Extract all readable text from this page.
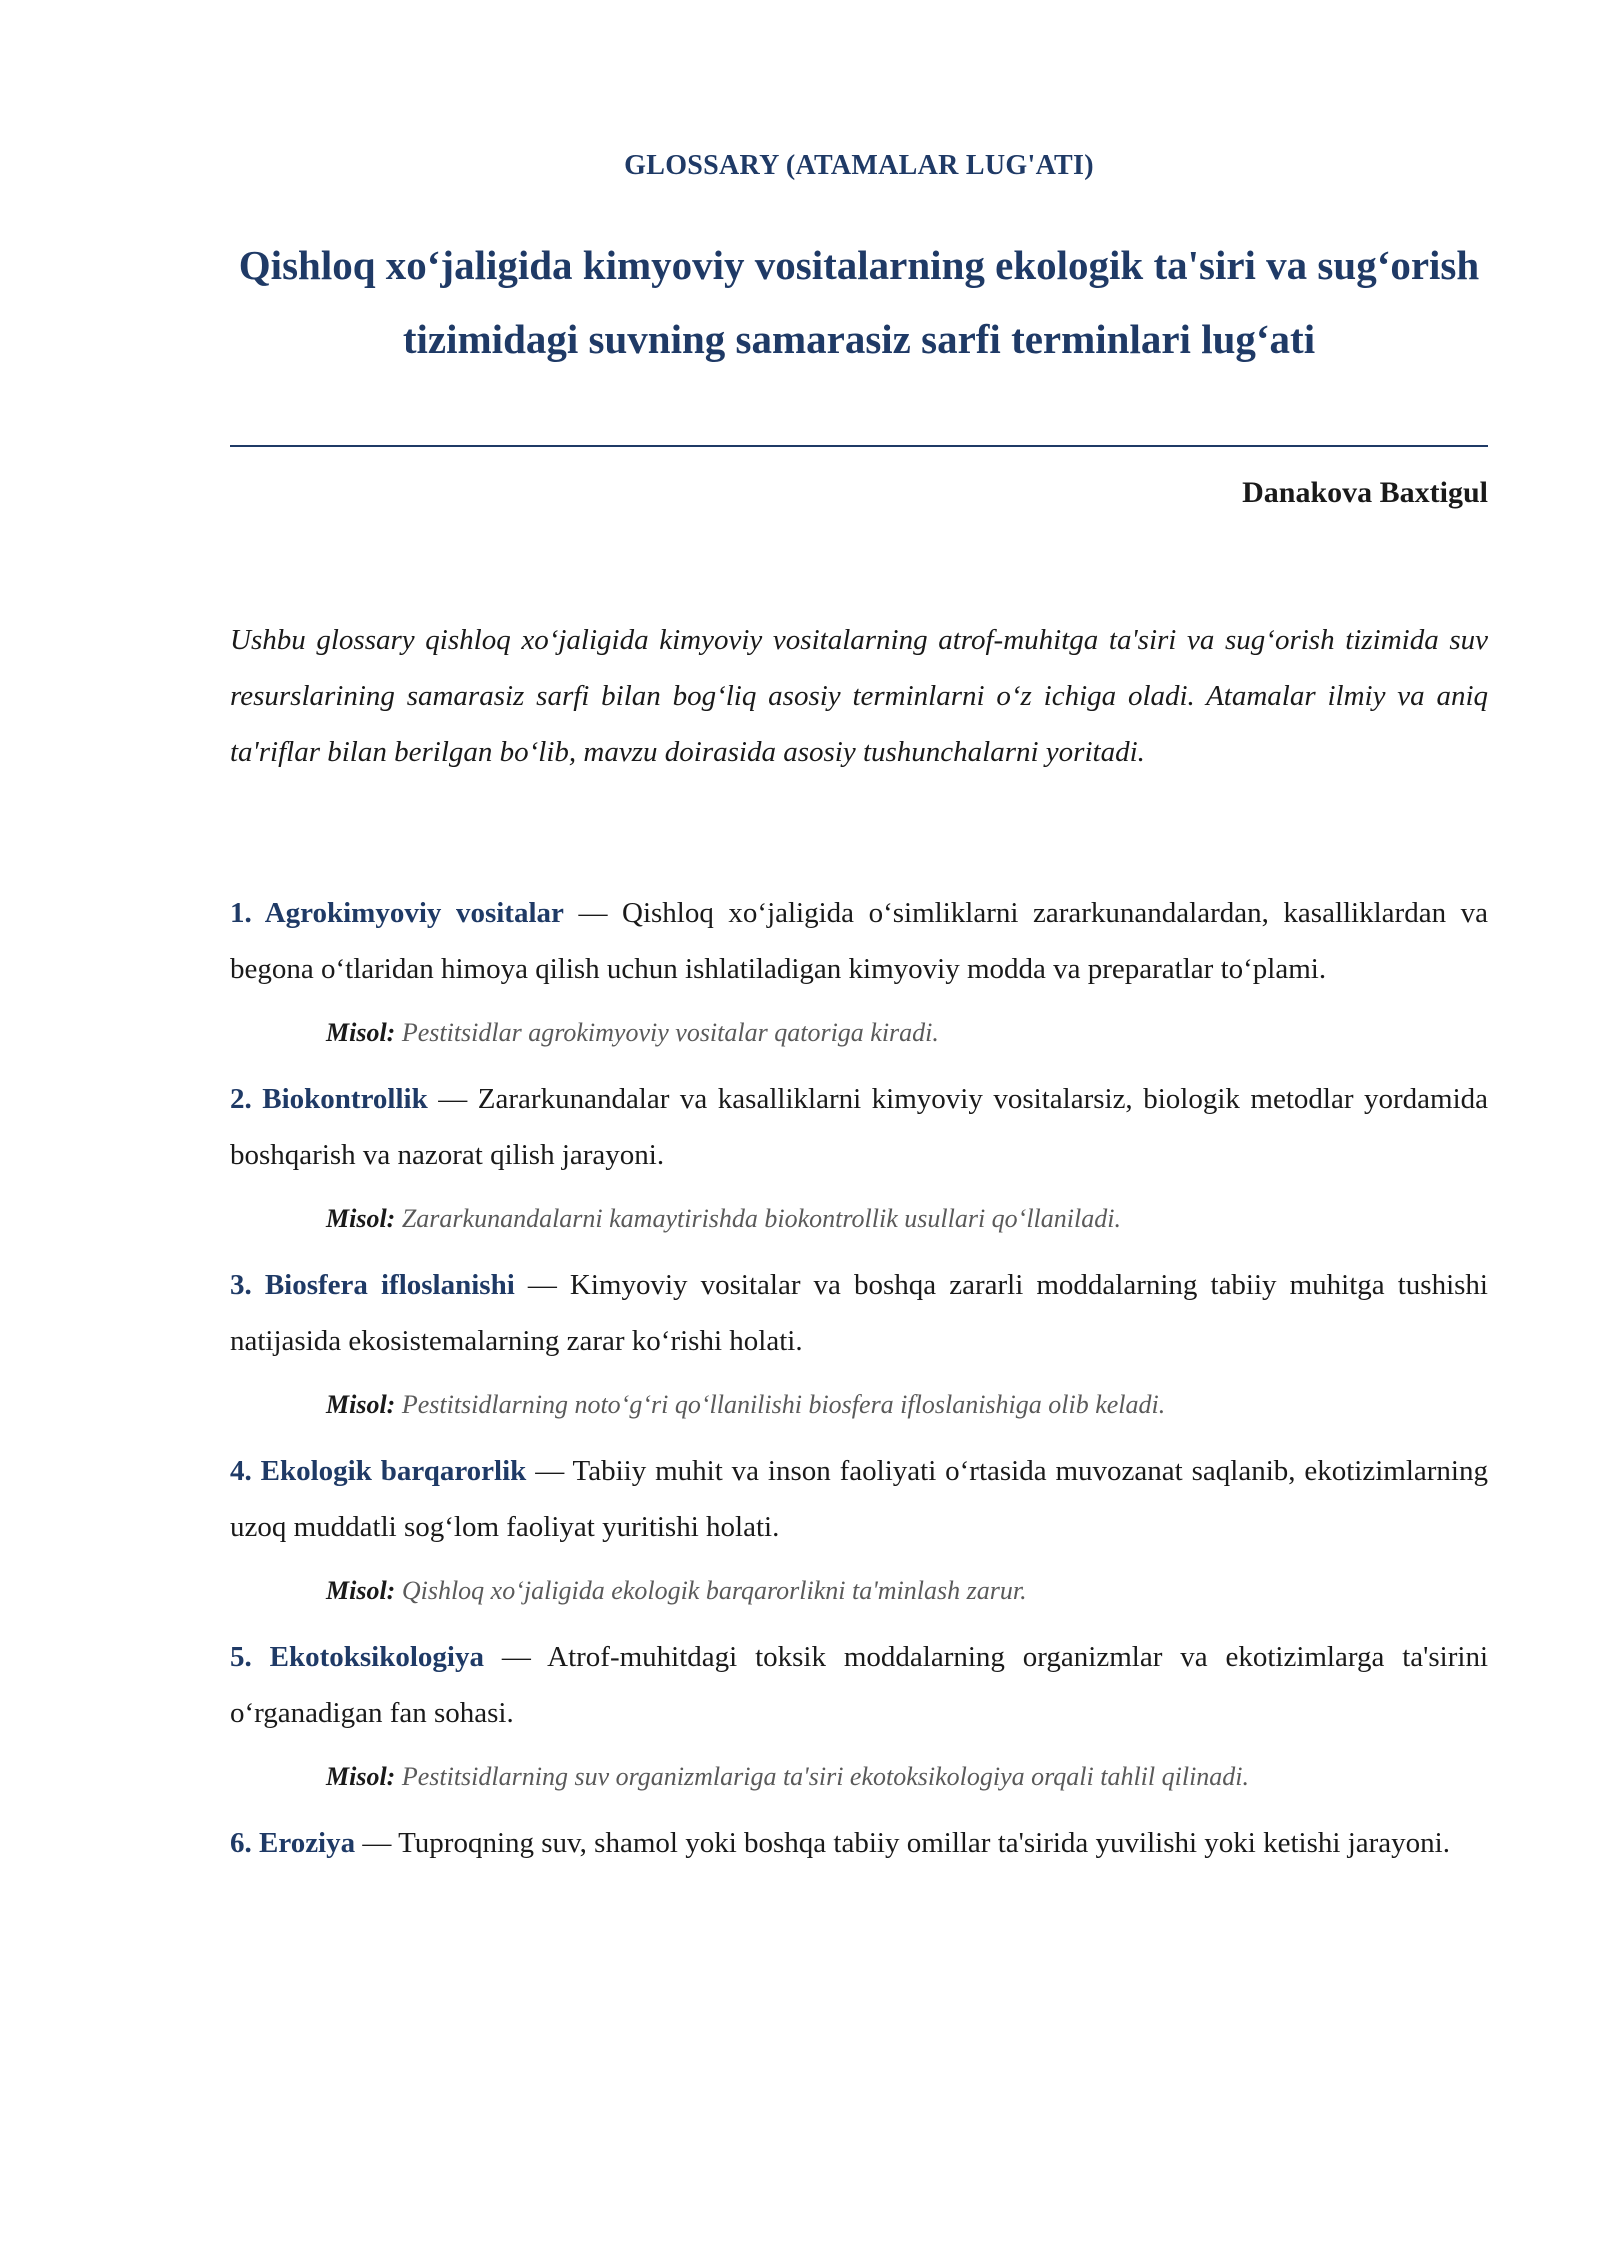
GLOSSARY (ATAMALAR LUG'ATI)
Qishloq xo‘jaligida kimyoviy vositalarning ekologik ta'siri va sug‘orish tizimidagi suvning samarasiz sarfi terminlari lug‘ati
Danakova Baxtigul
Ushbu glossary qishloq xo‘jaligida kimyoviy vositalarning atrof-muhitga ta'siri va sug‘orish tizimida suv resurslarining samarasiz sarfi bilan bog‘liq asosiy terminlarni o‘z ichiga oladi. Atamalar ilmiy va aniq ta'riflar bilan berilgan bo‘lib, mavzu doirasida asosiy tushunchalarni yoritadi.
1. Agrokimyoviy vositalar — Qishloq xo‘jaligida o‘simliklarni zararkunandalardan, kasalliklardan va begona o‘tlaridan himoya qilish uchun ishlatiladigan kimyoviy modda va preparatlar to‘plami.
Misol: Pestitsidlar agrokimyoviy vositalar qatoriga kiradi.
2. Biokontrollik — Zararkunandalar va kasalliklarni kimyoviy vositalarsiz, biologik metodlar yordamida boshqarish va nazorat qilish jarayoni.
Misol: Zararkunandalarni kamaytirishda biokontrollik usullari qo‘llaniladi.
3. Biosfera ifloslanishi — Kimyoviy vositalar va boshqa zararli moddalarning tabiiy muhitga tushishi natijasida ekosistemalarning zarar ko‘rishi holati.
Misol: Pestitsidlarning noto‘g‘ri qo‘llanilishi biosfera ifloslanishiga olib keladi.
4. Ekologik barqarorlik — Tabiiy muhit va inson faoliyati o‘rtasida muvozanat saqlanib, ekotizimlarning uzoq muddatli sog‘lom faoliyat yuritishi holati.
Misol: Qishloq xo‘jaligida ekologik barqarorlikni ta'minlash zarur.
5. Ekotoksikologiya — Atrof-muhitdagi toksik moddalarning organizmlar va ekotizimlarga ta'sirini o‘rganadigan fan sohasi.
Misol: Pestitsidlarning suv organizmlariga ta'siri ekotoksikologiya orqali tahlil qilinadi.
6. Eroziya — Tuproqning suv, shamol yoki boshqa tabiiy omillar ta'sirida yuvilishi yoki ketishi jarayoni.
